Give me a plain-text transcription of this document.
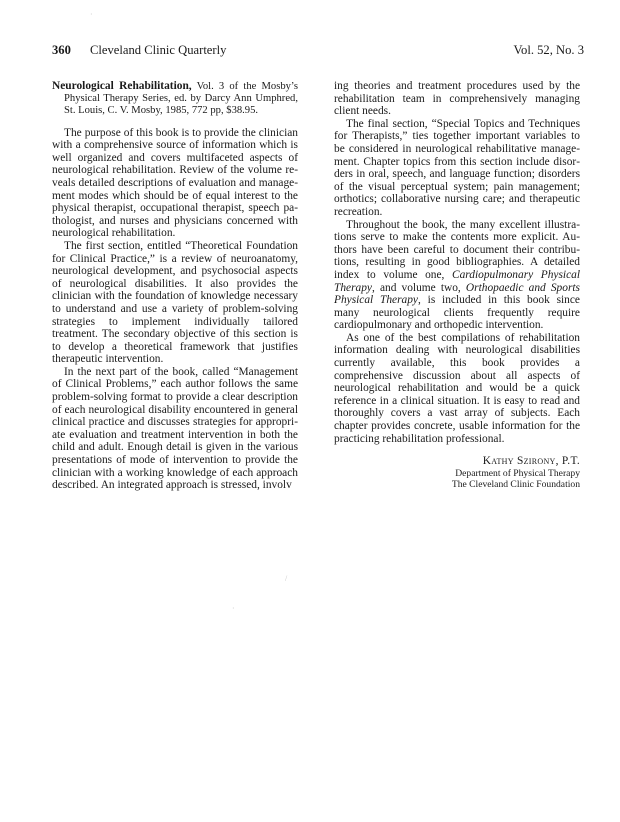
360 Cleveland Clinic Quarterly	Vol. 52, No. 3

Neurological Rehabilitation, Vol. 3 of the Mosby’s Physical Therapy Series, ed. by Darcy Ann Umphred, St. Louis, C. V. Mosby, 1985, 772 pp, $38.95.

The purpose of this book is to provide the clinician with a comprehensive source of information which is well organized and covers multifaceted aspects of neurological rehabilitation. Review of the volume reveals detailed descriptions of evaluation and management modes which should be of equal interest to the physical therapist, occupational therapist, speech pathologist, and nurses and physicians concerned with neurological rehabilitation.

The first section, entitled “Theoretical Foundation for Clinical Practice,” is a review of neuroanatomy, neurological development, and psychosocial aspects of neurological disabilities. It also provides the clinician with the foundation of knowledge necessary to understand and use a variety of problem-solving strategies to implement individually tailored treatment. The secondary objective of this section is to develop a theoretical framework that justifies therapeutic intervention.

In the next part of the book, called “Management of Clinical Problems,” each author follows the same problem-solving format to provide a clear description of each neurological disability encountered in general clinical practice and discusses strategies for appropriate evaluation and treatment intervention in both the child and adult. Enough detail is given in the various presentations of mode of intervention to provide the clinician with a working knowledge of each approach described. An integrated approach is stressed, involv

ing theories and treatment procedures used by the rehabilitation team in comprehensively managing client needs.

The final section, “Special Topics and Techniques for Therapists,” ties together important variables to be considered in neurological rehabilitative management. Chapter topics from this section include disorders in oral, speech, and language function; disorders of the visual perceptual system; pain management; orthotics; collaborative nursing care; and therapeutic recreation.

Throughout the book, the many excellent illustrations serve to make the contents more explicit. Authors have been careful to document their contributions, resulting in good bibliographies. A detailed index to volume one, Cardiopulmonary Physical Therapy, and volume two, Orthopaedic and Sports Physical Therapy, is included in this book since many neurological clients frequently require cardiopulmonary and orthopedic intervention.

As one of the best compilations of rehabilitation information dealing with neurological disabilities currently available, this book provides a comprehensive discussion about all aspects of neurological rehabilitation and would be a quick reference in a clinical situation. It is easy to read and thoroughly covers a vast array of subjects. Each chapter provides concrete, usable information for the practicing rehabilitation professional.

Kathy Szirony, P.T.
Department of Physical Therapy
The Cleveland Clinic Foundation
/
·
·
